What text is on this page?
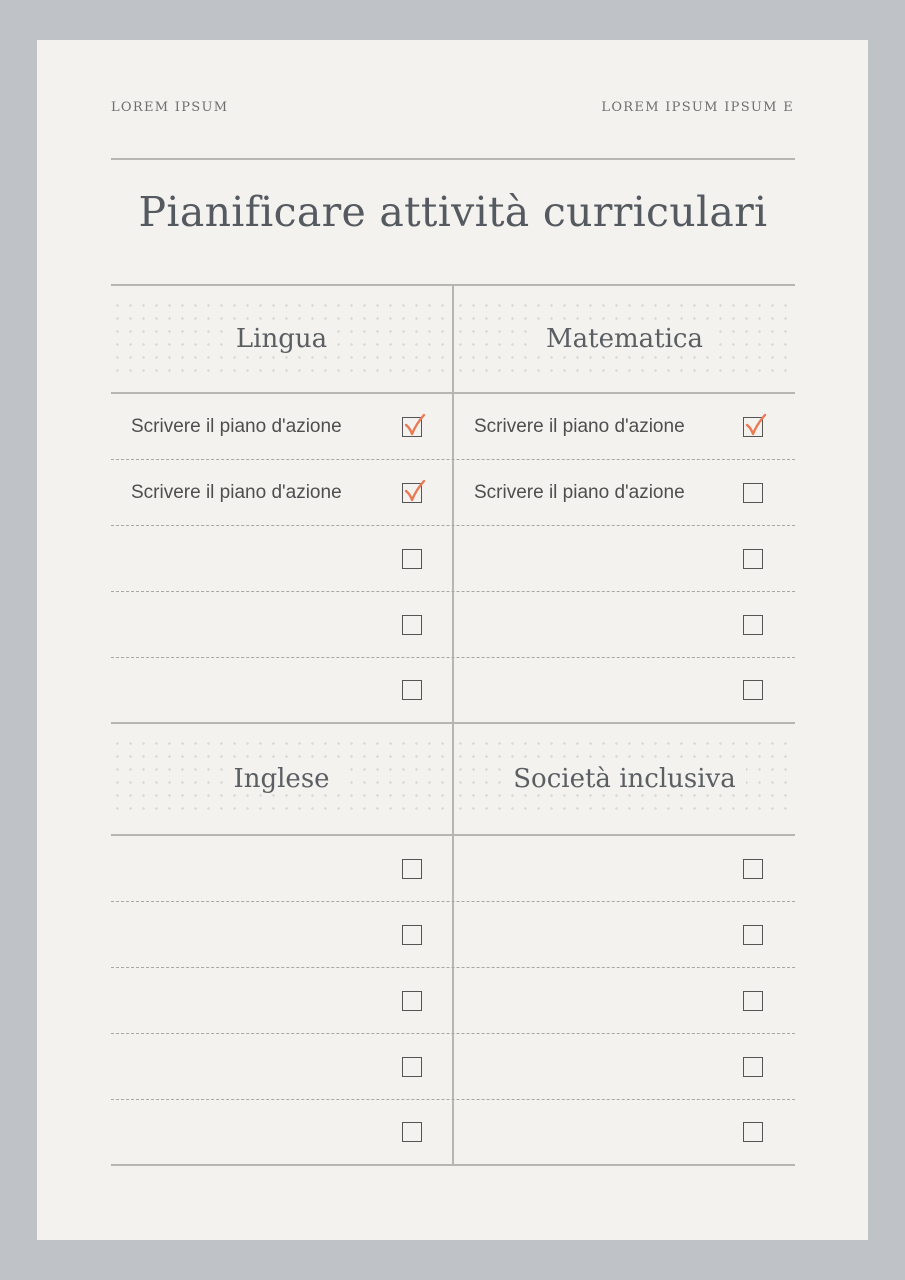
LOREM IPSUM	LOREM IPSUM IPSUM E
Pianificare attività curriculari
Lingua	Matematica
Scrivere il piano d'azione	Scrivere il piano d'azione
Scrivere il piano d'azione	Scrivere il piano d'azione
Inglese	Società inclusiva
